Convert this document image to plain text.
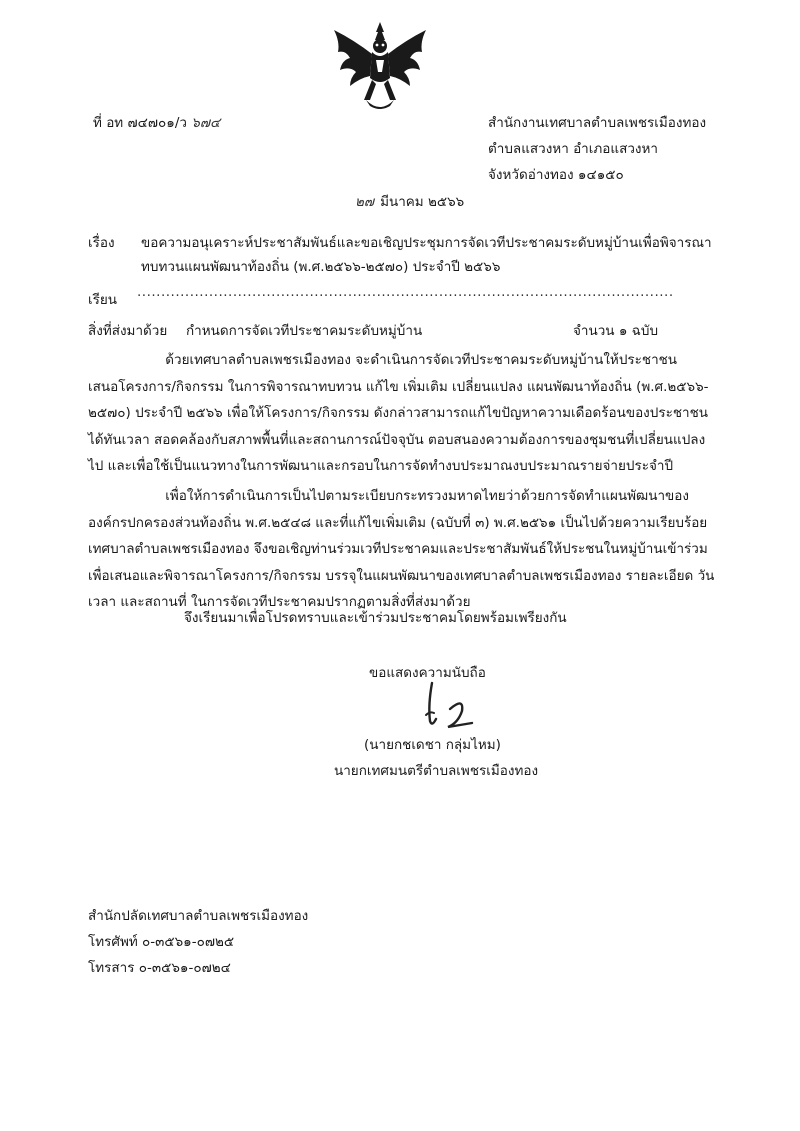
ที่ อท ๗๔๗๐๑/ว ๖๗๔	สำนักงานเทศบาลตำบลเพชรเมืองทอง
ตำบลแสวงหา อำเภอแสวงหา
จังหวัดอ่างทอง ๑๔๑๕๐
๒๗ มีนาคม ๒๕๖๖
เรื่อง ขอความอนุเคราะห์ประชาสัมพันธ์และขอเชิญประชุมการจัดเวทีประชาคมระดับหมู่บ้านเพื่อพิจารณา
ทบทวนแผนพัฒนาท้องถิ่น (พ.ศ.๒๕๖๖-๒๕๗๐) ประจำปี ๒๕๖๖
เรียน ................................................................................................................
สิ่งที่ส่งมาด้วย กำหนดการจัดเวทีประชาคมระดับหมู่บ้าน	จำนวน ๑ ฉบับ
ด้วยเทศบาลตำบลเพชรเมืองทอง จะดำเนินการจัดเวทีประชาคมระดับหมู่บ้านให้ประชาชน
เสนอโครงการ/กิจกรรม ในการพิจารณาทบทวน แก้ไข เพิ่มเติม เปลี่ยนแปลง แผนพัฒนาท้องถิ่น (พ.ศ.๒๕๖๖-
๒๕๗๐) ประจำปี ๒๕๖๖ เพื่อให้โครงการ/กิจกรรม ดังกล่าวสามารถแก้ไขปัญหาความเดือดร้อนของประชาชน
ได้ทันเวลา สอดคล้องกับสภาพพื้นที่และสถานการณ์ปัจจุบัน ตอบสนองความต้องการของชุมชนที่เปลี่ยนแปลง
ไป และเพื่อใช้เป็นแนวทางในการพัฒนาและกรอบในการจัดทำงบประมาณงบประมาณรายจ่ายประจำปี
เพื่อให้การดำเนินการเป็นไปตามระเบียบกระทรวงมหาดไทยว่าด้วยการจัดทำแผนพัฒนาของ
องค์กรปกครองส่วนท้องถิ่น พ.ศ.๒๕๔๘ และที่แก้ไขเพิ่มเติม (ฉบับที่ ๓) พ.ศ.๒๕๖๑ เป็นไปด้วยความเรียบร้อย
เทศบาลตำบลเพชรเมืองทอง จึงขอเชิญท่านร่วมเวทีประชาคมและประชาสัมพันธ์ให้ประชนในหมู่บ้านเข้าร่วม
เพื่อเสนอและพิจารณาโครงการ/กิจกรรม บรรจุในแผนพัฒนาของเทศบาลตำบลเพชรเมืองทอง รายละเอียด วัน
เวลา และสถานที่ ในการจัดเวทีประชาคมปรากฏตามสิ่งที่ส่งมาด้วย
จึงเรียนมาเพื่อโปรดทราบและเข้าร่วมประชาคมโดยพร้อมเพรียงกัน
ขอแสดงความนับถือ
(นายกชเดชา กลุ่มไหม)
นายกเทศมนตรีตำบลเพชรเมืองทอง
สำนักปลัดเทศบาลตำบลเพชรเมืองทอง
โทรศัพท์ ๐-๓๕๖๑-๐๗๒๕
โทรสาร ๐-๓๕๖๑-๐๗๒๔
